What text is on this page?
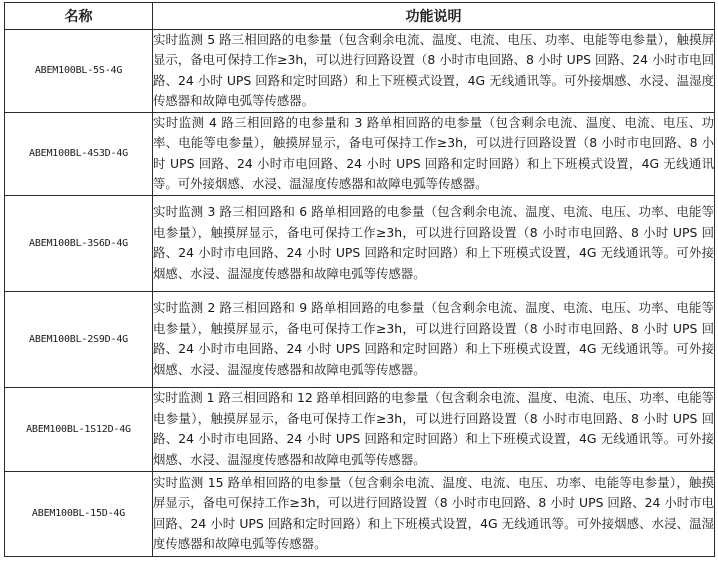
名称	功能说明
ABEM100BL-5S-4G	实时监测 5 路三相回路的电参量（包含剩余电流、温度、电流、电压、功率、电能等电参量），触摸屏显示，备电可保持工作≥3h，可以进行回路设置（8 小时市电回路、8 小时 UPS 回路、24 小时市电回路、24 小时 UPS 回路和定时回路）和上下班模式设置，4G 无线通讯等。可外接烟感、水浸、温湿度传感器和故障电弧等传感器。
ABEM100BL-4S3D-4G	实时监测 4 路三相回路的电参量和 3 路单相回路的电参量（包含剩余电流、温度、电流、电压、功率、电能等电参量），触摸屏显示，备电可保持工作≥3h，可以进行回路设置（8 小时市电回路、8 小时 UPS 回路、24 小时市电回路、24 小时 UPS 回路和定时回路）和上下班模式设置，4G 无线通讯等。可外接烟感、水浸、温湿度传感器和故障电弧等传感器。
ABEM100BL-3S6D-4G	实时监测 3 路三相回路和 6 路单相回路的电参量（包含剩余电流、温度、电流、电压、功率、电能等电参量），触摸屏显示，备电可保持工作≥3h，可以进行回路设置（8 小时市电回路、8 小时 UPS 回路、24 小时市电回路、24 小时 UPS 回路和定时回路）和上下班模式设置，4G 无线通讯等。可外接烟感、水浸、温湿度传感器和故障电弧等传感器。
ABEM100BL-2S9D-4G	实时监测 2 路三相回路和 9 路单相回路的电参量（包含剩余电流、温度、电流、电压、功率、电能等电参量），触摸屏显示，备电可保持工作≥3h，可以进行回路设置（8 小时市电回路、8 小时 UPS 回路、24 小时市电回路、24 小时 UPS 回路和定时回路）和上下班模式设置，4G 无线通讯等。可外接烟感、水浸、温湿度传感器和故障电弧等传感器。
ABEM100BL-1S12D-4G	实时监测 1 路三相回路和 12 路单相回路的电参量（包含剩余电流、温度、电流、电压、功率、电能等电参量），触摸屏显示，备电可保持工作≥3h，可以进行回路设置（8 小时市电回路、8 小时 UPS 回路、24 小时市电回路、24 小时 UPS 回路和定时回路）和上下班模式设置，4G 无线通讯等。可外接烟感、水浸、温湿度传感器和故障电弧等传感器。
ABEM100BL-15D-4G	实时监测 15 路单相回路的电参量（包含剩余电流、温度、电流、电压、功率、电能等电参量），触摸屏显示，备电可保持工作≥3h，可以进行回路设置（8 小时市电回路、8 小时 UPS 回路、24 小时市电回路、24 小时 UPS 回路和定时回路）和上下班模式设置，4G 无线通讯等。可外接烟感、水浸、温湿度传感器和故障电弧等传感器。
